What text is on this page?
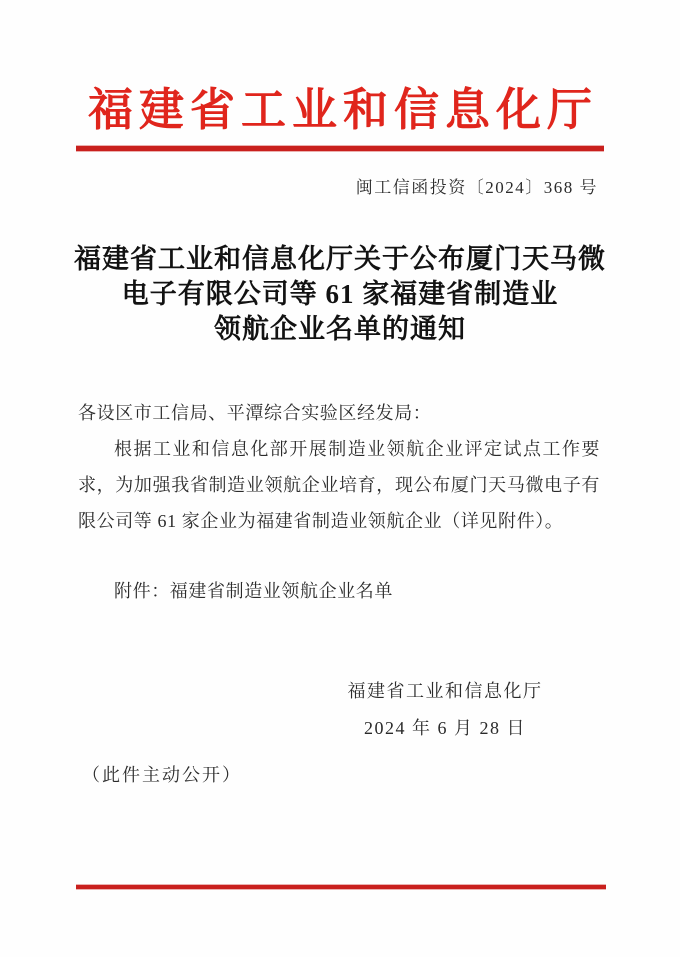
福建省工业和信息化厅
闽工信函投资〔2024〕368 号
福建省工业和信息化厅关于公布厦门天马微
电子有限公司等 61 家福建省制造业
领航企业名单的通知

各设区市工信局、平潭综合实验区经发局：

根据工业和信息化部开展制造业领航企业评定试点工作要求，为加强我省制造业领航企业培育，现公布厦门天马微电子有限公司等 61 家企业为福建省制造业领航企业（详见附件）。

附件：福建省制造业领航企业名单

福建省工业和信息化厅
2024 年 6 月 28 日

（此件主动公开）
